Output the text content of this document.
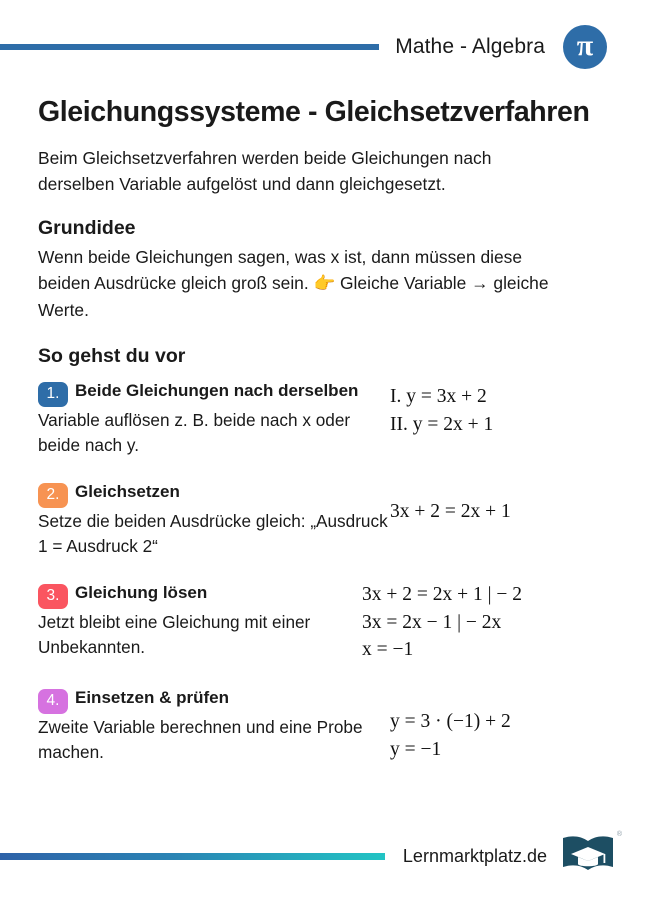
Mathe - Algebra π
Gleichungssysteme - Gleichsetzverfahren

Beim Gleichsetzverfahren werden beide Gleichungen nach derselben Variable aufgelöst und dann gleichgesetzt.

Grundidee

Wenn beide Gleichungen sagen, was x ist, dann müssen diese beiden Ausdrücke gleich groß sein. 👉 Gleiche Variable → gleiche Werte.

So gehst du vor
1. Beide Gleichungen nach derselben
Variable auflösen z. B. beide nach x oder beide nach y.
I. y = 3x + 2
II. y = 2x + 1
2. Gleichsetzen
Setze die beiden Ausdrücke gleich: „Ausdruck 1 = Ausdruck 2“
3x + 2 = 2x + 1
3. Gleichung lösen
Jetzt bleibt eine Gleichung mit einer Unbekannten.
3x + 2 = 2x + 1 | − 2
3x = 2x − 1 | − 2x
x = −1
4. Einsetzen & prüfen
Zweite Variable berechnen und eine Probe machen.
y = 3 · (−1) + 2
y = −1
Lernmarktplatz.de
®
